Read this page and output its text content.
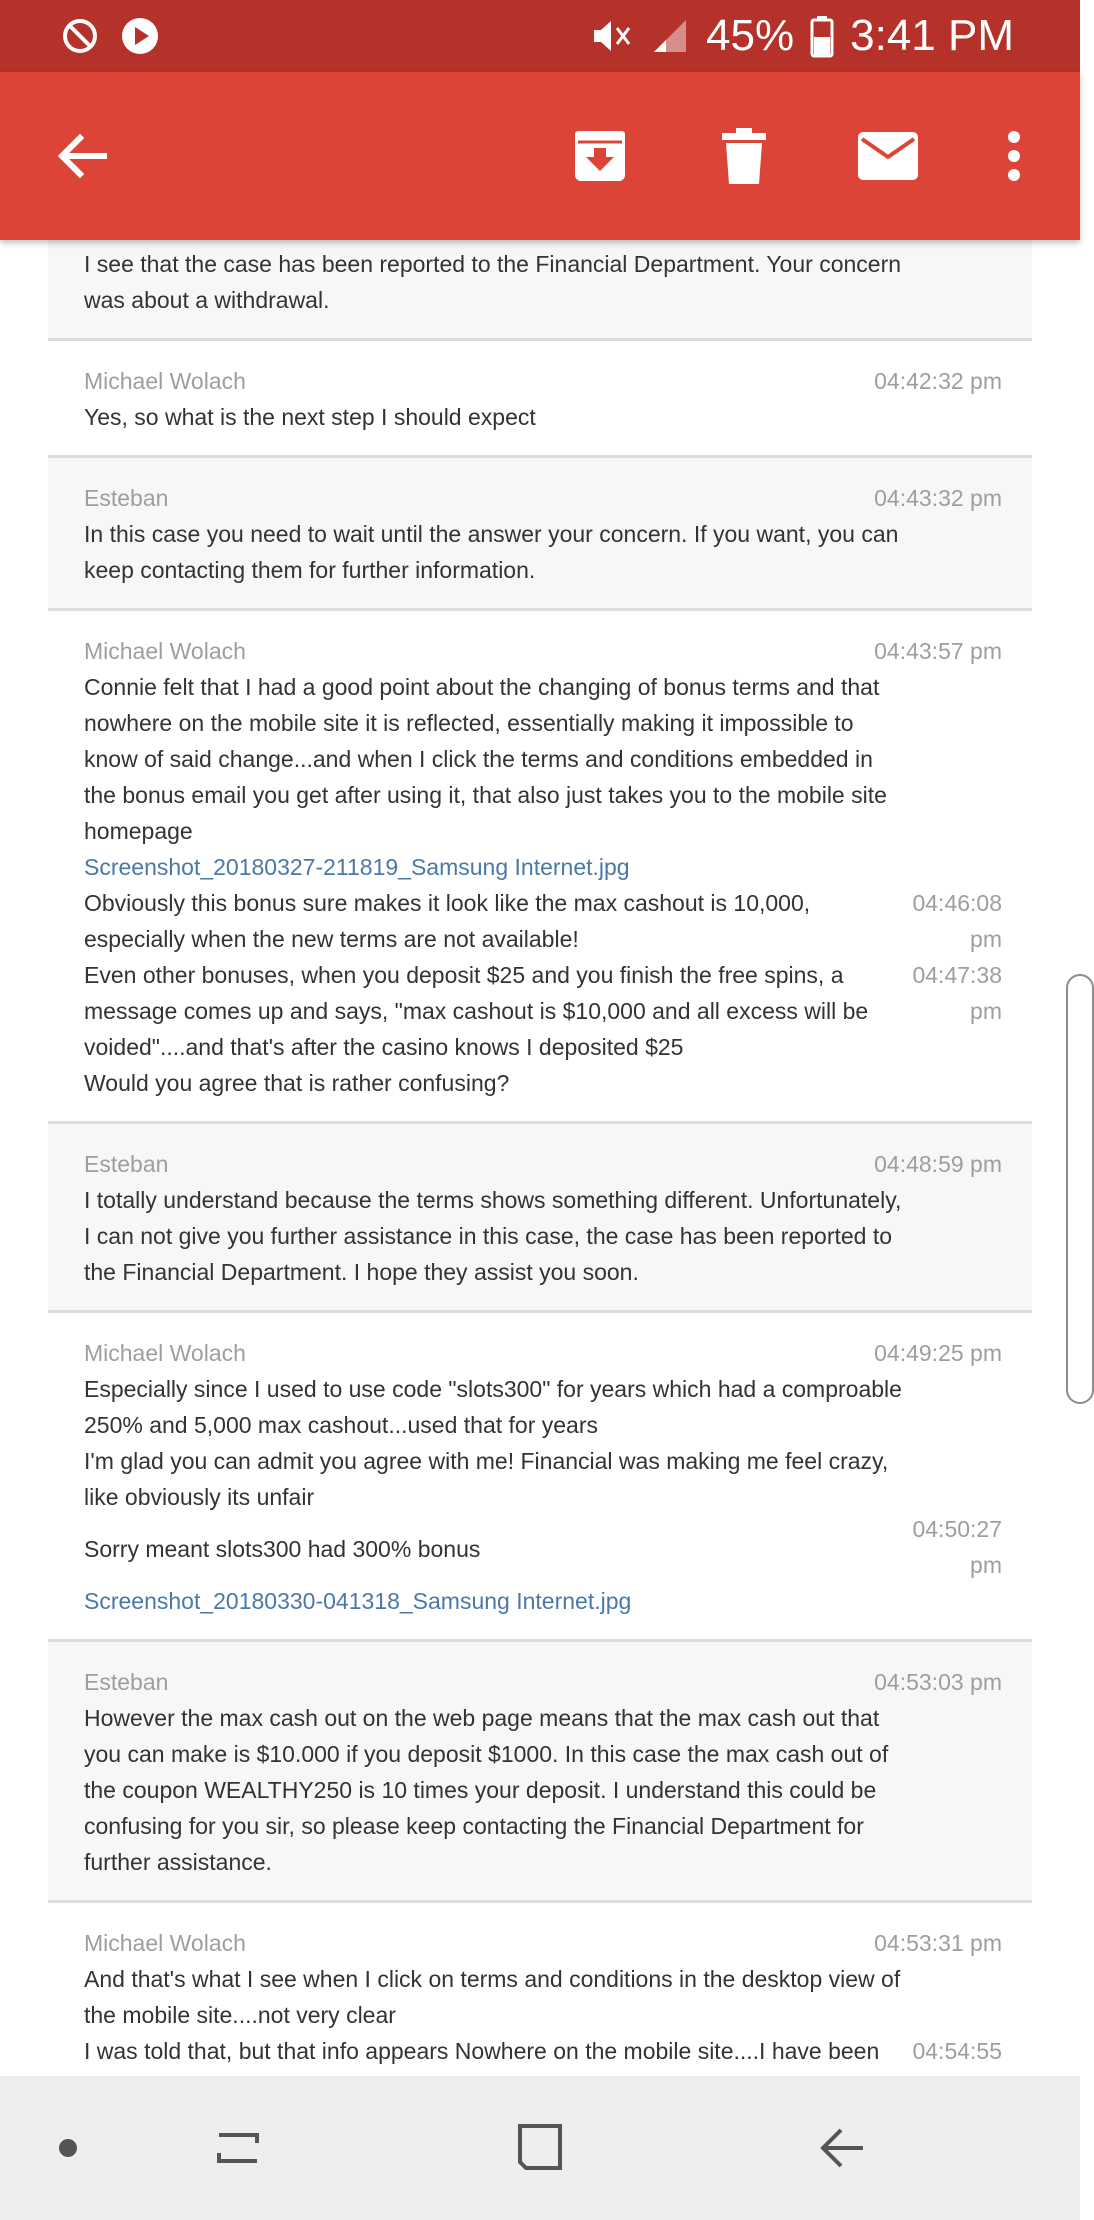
45% 3:41 PM
I see that the case has been reported to the Financial Department. Your concern was about a withdrawal.
Michael Wolach	04:42:32 pm
Yes, so what is the next step I should expect
Esteban	04:43:32 pm
In this case you need to wait until the answer your concern. If you want, you can keep contacting them for further information.
Michael Wolach	04:43:57 pm
Connie felt that I had a good point about the changing of bonus terms and that nowhere on the mobile site it is reflected, essentially making it impossible to know of said change...and when I click the terms and conditions embedded in the bonus email you get after using it, that also just takes you to the mobile site homepage
Screenshot_20180327-211819_Samsung Internet.jpg
Obviously this bonus sure makes it look like the max cashout is 10,000, especially when the new terms are not available!
04:46:08 pm
Even other bonuses, when you deposit $25 and you finish the free spins, a message comes up and says, "max cashout is $10,000 and all excess will be voided"....and that's after the casino knows I deposited $25
04:47:38 pm
Would you agree that is rather confusing?
Esteban	04:48:59 pm
I totally understand because the terms shows something different. Unfortunately, I can not give you further assistance in this case, the case has been reported to the Financial Department. I hope they assist you soon.
Michael Wolach	04:49:25 pm
Especially since I used to use code "slots300" for years which had a comproable 250% and 5,000 max cashout...used that for years
I'm glad you can admit you agree with me! Financial was making me feel crazy, like obviously its unfair
Sorry meant slots300 had 300% bonus
04:50:27 pm
Screenshot_20180330-041318_Samsung Internet.jpg
Esteban	04:53:03 pm
However the max cash out on the web page means that the max cash out that you can make is $10.000 if you deposit $1000. In this case the max cash out of the coupon WEALTHY250 is 10 times your deposit. I understand this could be confusing for you sir, so please keep contacting the Financial Department for further assistance.
Michael Wolach	04:53:31 pm
And that's what I see when I click on terms and conditions in the desktop view of the mobile site....not very clear
I was told that, but that info appears Nowhere on the mobile site....I have been	04:54:55
